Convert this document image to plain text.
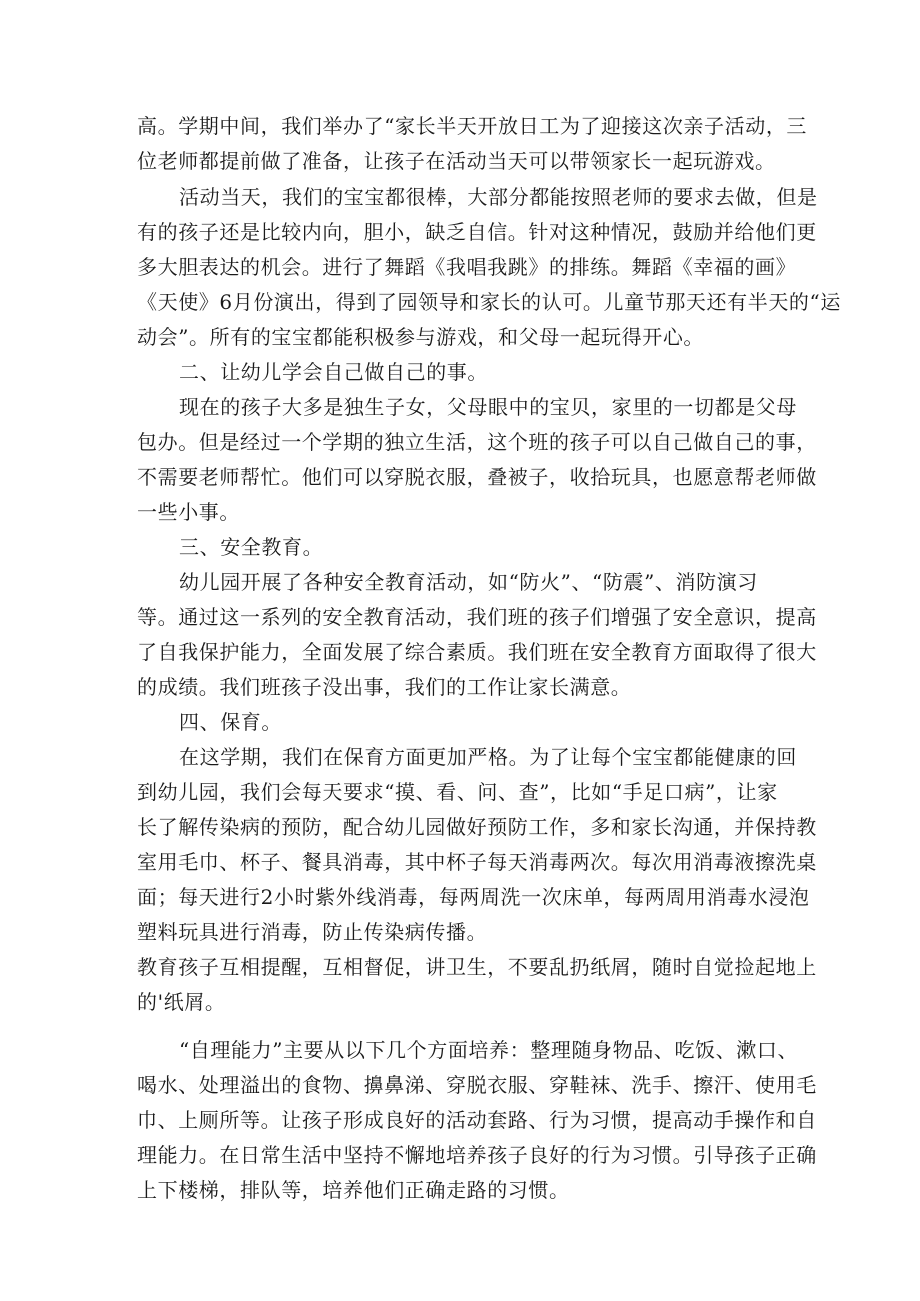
高。学期中间，我们举办了“家长半天开放日工为了迎接这次亲子活动，三

位老师都提前做了准备，让孩子在活动当天可以带领家长一起玩游戏。

活动当天，我们的宝宝都很棒，大部分都能按照老师的要求去做，但是

有的孩子还是比较内向，胆小，缺乏自信。针对这种情况，鼓励并给他们更

多大胆表达的机会。进行了舞蹈《我唱我跳》的排练。舞蹈《幸福的画》

《天使》6月份演出，得到了园领导和家长的认可。儿童节那天还有半天的“运

动会”。所有的宝宝都能积极参与游戏，和父母一起玩得开心。

二、让幼儿学会自己做自己的事。

现在的孩子大多是独生子女，父母眼中的宝贝，家里的一切都是父母

包办。但是经过一个学期的独立生活，这个班的孩子可以自己做自己的事，

不需要老师帮忙。他们可以穿脱衣服，叠被子，收拾玩具，也愿意帮老师做

一些小事。

三、安全教育。

幼儿园开展了各种安全教育活动，如“防火”、“防震”、消防演习

等。通过这一系列的安全教育活动，我们班的孩子们增强了安全意识，提高

了自我保护能力，全面发展了综合素质。我们班在安全教育方面取得了很大

的成绩。我们班孩子没出事，我们的工作让家长满意。

四、保育。

在这学期，我们在保育方面更加严格。为了让每个宝宝都能健康的回

到幼儿园，我们会每天要求“摸、看、问、查”，比如“手足口病”，让家

长了解传染病的预防，配合幼儿园做好预防工作，多和家长沟通，并保持教

室用毛巾、杯子、餐具消毒，其中杯子每天消毒两次。每次用消毒液擦洗桌

面；每天进行2小时紫外线消毒，每两周洗一次床单，每两周用消毒水浸泡

塑料玩具进行消毒，防止传染病传播。

教育孩子互相提醒，互相督促，讲卫生，不要乱扔纸屑，随时自觉捡起地上

的'纸屑。

“自理能力”主要从以下几个方面培养：整理随身物品、吃饭、漱口、

喝水、处理溢出的食物、擤鼻涕、穿脱衣服、穿鞋袜、洗手、擦汗、使用毛

巾、上厕所等。让孩子形成良好的活动套路、行为习惯，提高动手操作和自

理能力。在日常生活中坚持不懈地培养孩子良好的行为习惯。引导孩子正确

上下楼梯，排队等，培养他们正确走路的习惯。
